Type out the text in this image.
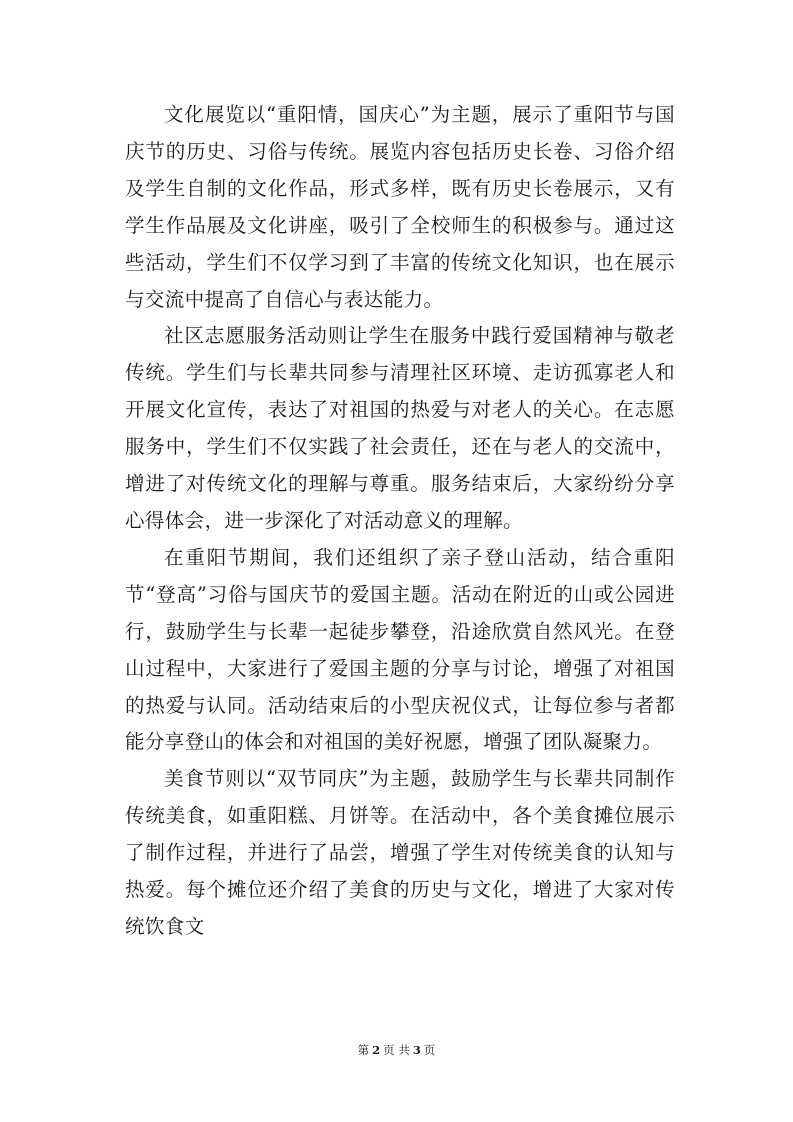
文化展览以“重阳情，国庆心”为主题，展示了重阳节与国庆节的历史、习俗与传统。展览内容包括历史长卷、习俗介绍及学生自制的文化作品，形式多样，既有历史长卷展示，又有学生作品展及文化讲座，吸引了全校师生的积极参与。通过这些活动，学生们不仅学习到了丰富的传统文化知识，也在展示与交流中提高了自信心与表达能力。

社区志愿服务活动则让学生在服务中践行爱国精神与敬老传统。学生们与长辈共同参与清理社区环境、走访孤寡老人和开展文化宣传，表达了对祖国的热爱与对老人的关心。在志愿服务中，学生们不仅实践了社会责任，还在与老人的交流中，增进了对传统文化的理解与尊重。服务结束后，大家纷纷分享心得体会，进一步深化了对活动意义的理解。

在重阳节期间，我们还组织了亲子登山活动，结合重阳节“登高”习俗与国庆节的爱国主题。活动在附近的山或公园进行，鼓励学生与长辈一起徒步攀登，沿途欣赏自然风光。在登山过程中，大家进行了爱国主题的分享与讨论，增强了对祖国的热爱与认同。活动结束后的小型庆祝仪式，让每位参与者都能分享登山的体会和对祖国的美好祝愿，增强了团队凝聚力。

美食节则以“双节同庆”为主题，鼓励学生与长辈共同制作传统美食，如重阳糕、月饼等。在活动中，各个美食摊位展示了制作过程，并进行了品尝，增强了学生对传统美食的认知与热爱。每个摊位还介绍了美食的历史与文化，增进了大家对传统饮食文

第 2 页 共 3 页
